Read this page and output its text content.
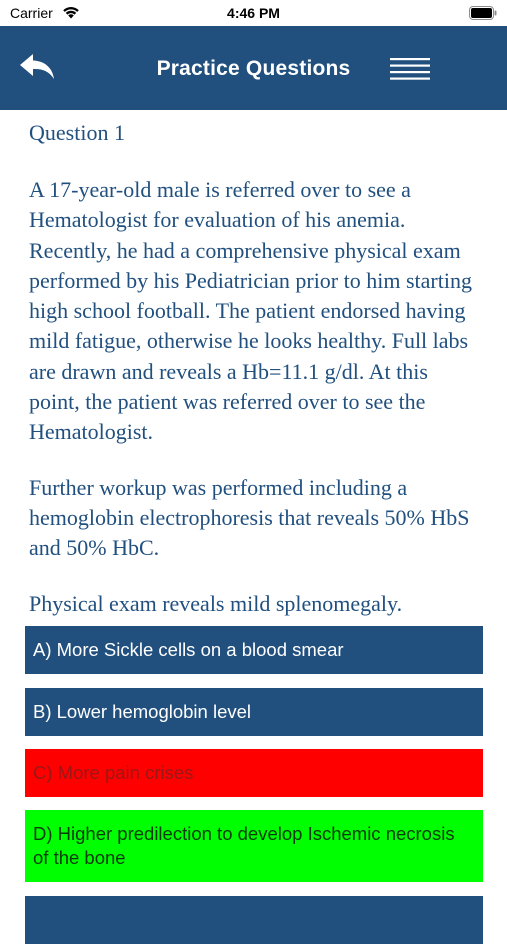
Carrier	4:46 PM
Practice Questions
Question 1

A 17-year-old male is referred over to see a Hematologist for evaluation of his anemia. Recently, he had a comprehensive physical exam performed by his Pediatrician prior to him starting high school football. The patient endorsed having mild fatigue, otherwise he looks healthy. Full labs are drawn and reveals a Hb=11.1 g/dl. At this point, the patient was referred over to see the Hematologist.

Further workup was performed including a hemoglobin electrophoresis that reveals 50% HbS and 50% HbC.

Physical exam reveals mild splenomegaly.

A) More Sickle cells on a blood smear
B) Lower hemoglobin level
C) More pain crises
D) Higher predilection to develop Ischemic necrosis of the bone
